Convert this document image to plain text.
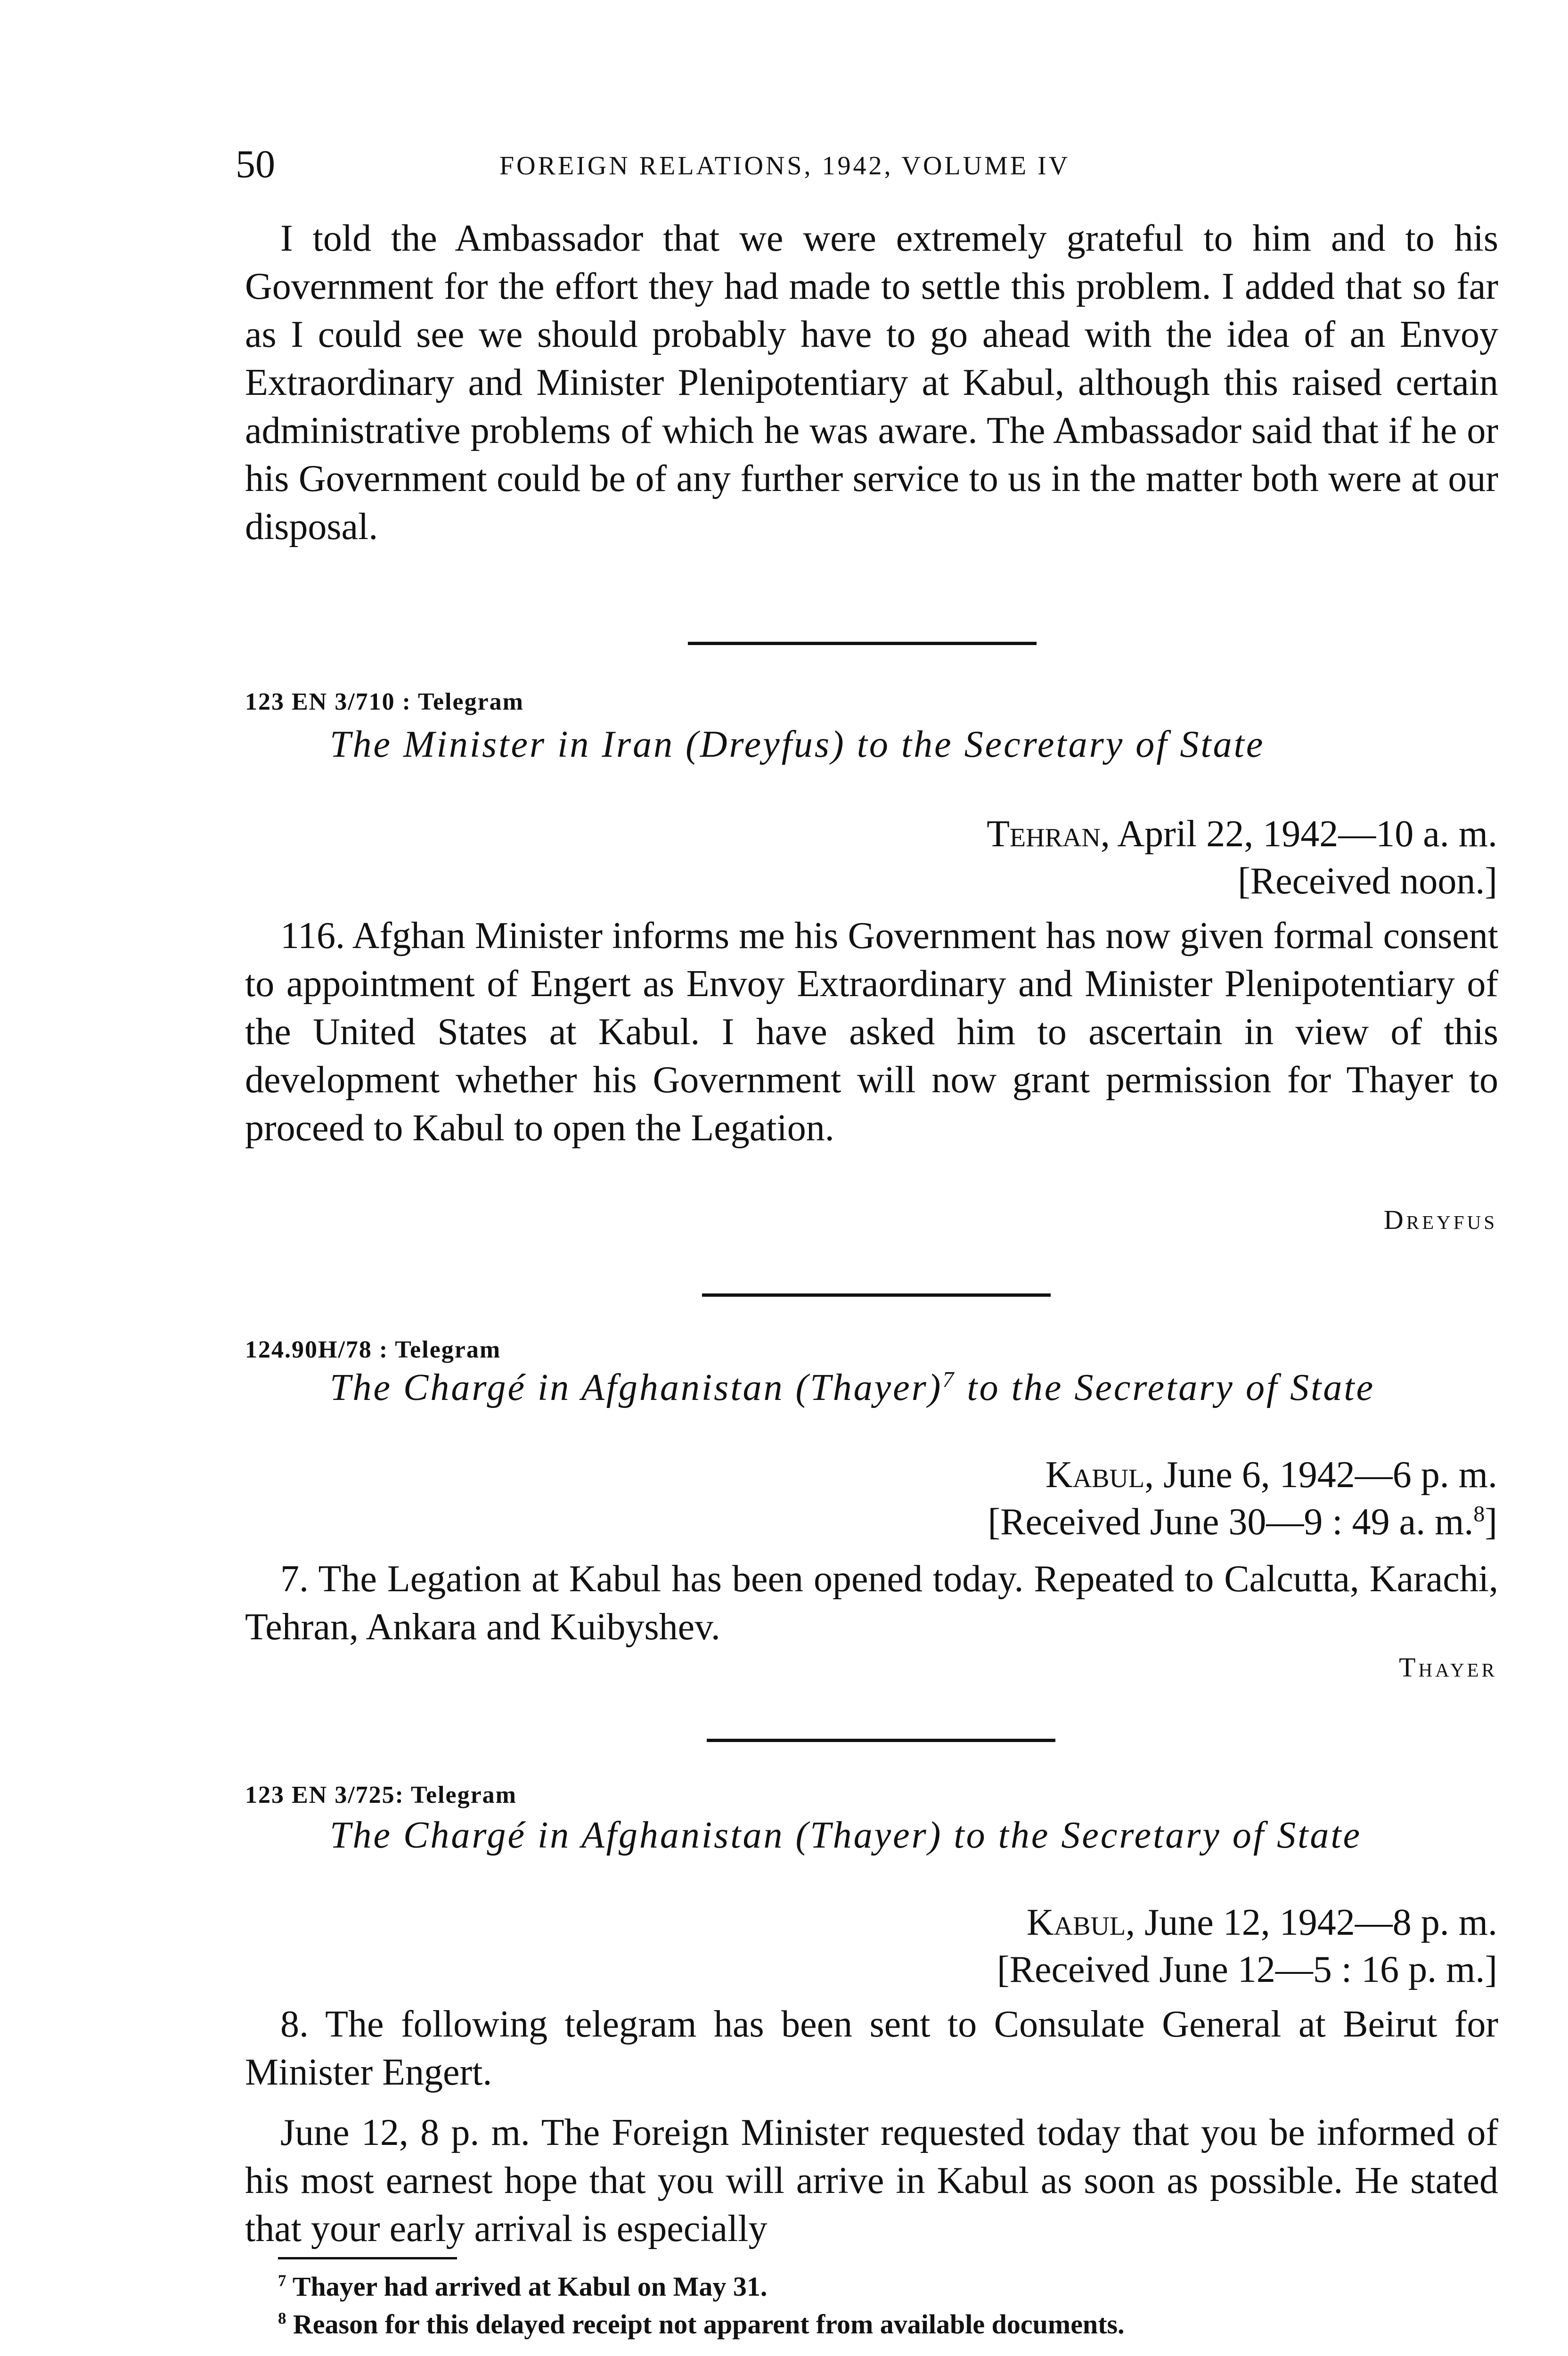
50	FOREIGN RELATIONS, 1942, VOLUME IV

I told the Ambassador that we were extremely grateful to him and to his Government for the effort they had made to settle this problem. I added that so far as I could see we should probably have to go ahead with the idea of an Envoy Extraordinary and Minister Plenipotentiary at Kabul, although this raised certain administrative problems of which he was aware. The Ambassador said that if he or his Government could be of any further service to us in the matter both were at our disposal.

123 EN 3/710 : Telegram

The Minister in Iran (Dreyfus) to the Secretary of State

Tehran, April 22, 1942—10 a. m.
[Received noon.]

116. Afghan Minister informs me his Government has now given formal consent to appointment of Engert as Envoy Extraordinary and Minister Plenipotentiary of the United States at Kabul. I have asked him to ascertain in view of this development whether his Government will now grant permission for Thayer to proceed to Kabul to open the Legation.

Dreyfus

124.90H/78 : Telegram

The Chargé in Afghanistan (Thayer)$^7$ to the Secretary of State

Kabul, June 6, 1942—6 p. m.
[Received June 30—9 : 49 a. m.$^8$]

7. The Legation at Kabul has been opened today. Repeated to Calcutta, Karachi, Tehran, Ankara and Kuibyshev.

Thayer

123 EN 3/725: Telegram

The Chargé in Afghanistan (Thayer) to the Secretary of State

Kabul, June 12, 1942—8 p. m.
[Received June 12—5 : 16 p. m.]

8. The following telegram has been sent to Consulate General at Beirut for Minister Engert.

June 12, 8 p. m. The Foreign Minister requested today that you be informed of his most earnest hope that you will arrive in Kabul as soon as possible. He stated that your early arrival is especially

$^7$ Thayer had arrived at Kabul on May 31.

$^8$ Reason for this delayed receipt not apparent from available documents.
